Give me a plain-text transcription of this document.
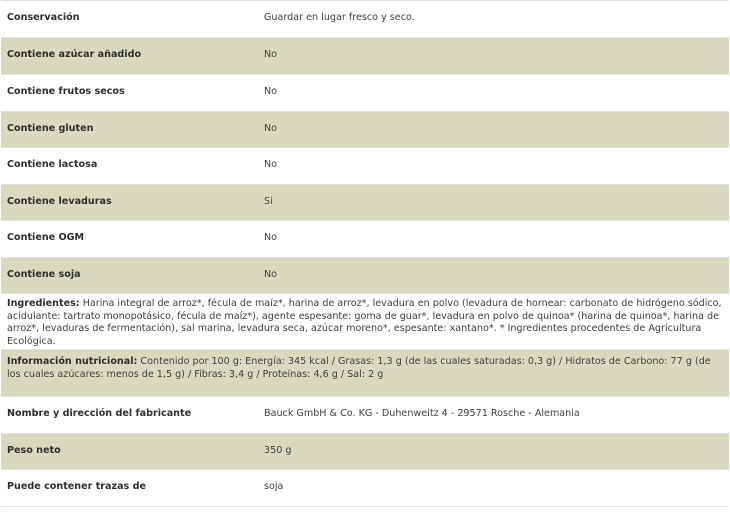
Conservación	Guardar en lugar fresco y seco.
Contiene azúcar añadido	No
Contiene frutos secos	No
Contiene gluten	No
Contiene lactosa	No
Contiene levaduras	Si
Contiene OGM	No
Contiene soja	No
Ingredientes: Harina integral de arroz*, fécula de maíz*, harina de arroz*, levadura en polvo (levadura de hornear: carbonato de hidrógeno sódico, acidulante: tartrato monopotásico, fécula de maíz*), agente espesante: goma de guar*, levadura en polvo de quinoa* (harina de quinoa*, harina de arroz*, levaduras de fermentación), sal marina, levadura seca, azúcar moreno*, espesante: xantano*. * Ingredientes procedentes de Agricultura Ecológica.
Información nutricional: Contenido por 100 g: Energía: 345 kcal / Grasas: 1,3 g (de las cuales saturadas: 0,3 g) / Hidratos de Carbono: 77 g (de los cuales azúcares: menos de 1,5 g) / Fibras: 3,4 g / Proteínas: 4,6 g / Sal: 2 g
Nombre y dirección del fabricante	Bauck GmbH & Co. KG - Duhenweitz 4 - 29571 Rosche - Alemania
Peso neto	350 g
Puede contener trazas de	soja
